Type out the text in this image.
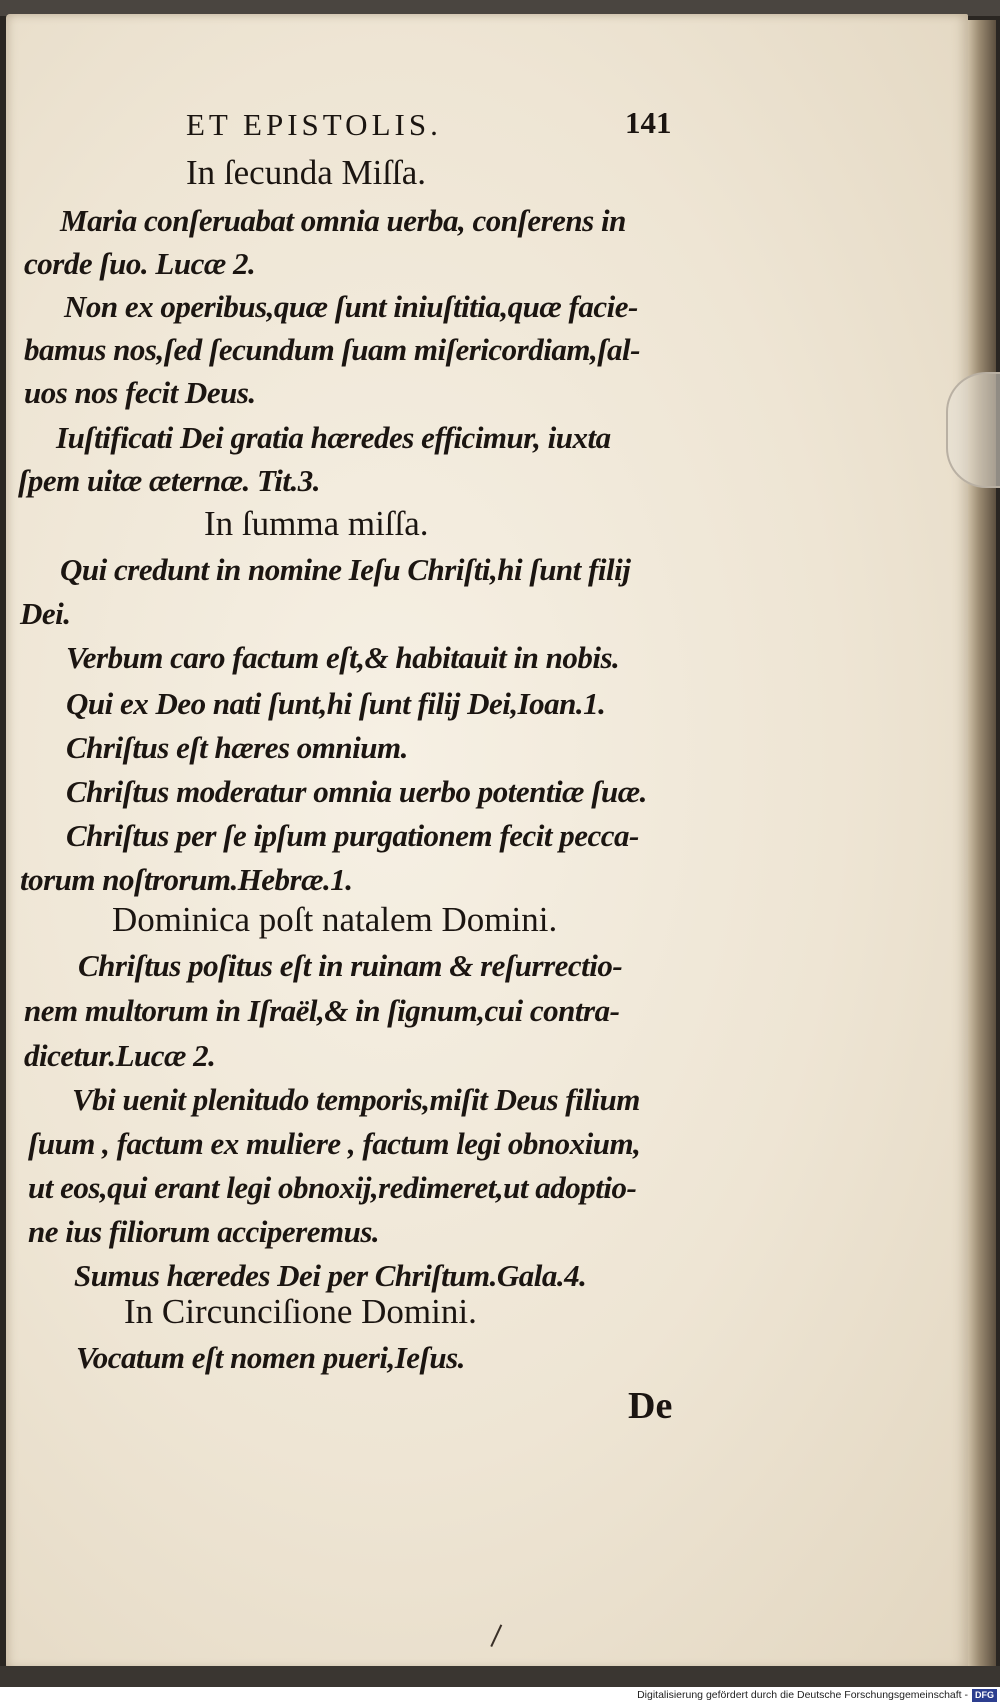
ET EPISTOLIS.	141
In ſecunda Miſſa.
Maria conſeruabat omnia uerba, conſerens in
corde ſuo. Lucæ 2.
Non ex operibus,quæ ſunt iniuſtitia,quæ facie-
bamus nos,ſed ſecundum ſuam miſericordiam,ſal-
uos nos fecit Deus.
Iuſtificati Dei gratia hæredes efficimur, iuxta
ſpem uitæ æternæ. Tit.3.
In ſumma miſſa.
Qui credunt in nomine Ieſu Chriſti,hi ſunt filij
Dei.
Verbum caro factum eſt,& habitauit in nobis.
Qui ex Deo nati ſunt,hi ſunt filij Dei,Ioan.1.
Chriſtus eſt hæres omnium.
Chriſtus moderatur omnia uerbo potentiæ ſuæ.
Chriſtus per ſe ipſum purgationem fecit pecca-
torum noſtrorum.Hebræ.1.
Dominica poſt natalem Domini.
Chriſtus poſitus eſt in ruinam & reſurrectio-
nem multorum in Iſraël,& in ſignum,cui contra-
dicetur.Lucæ 2.
Vbi uenit plenitudo temporis,miſit Deus filium
ſuum , factum ex muliere , factum legi obnoxium,
ut eos,qui erant legi obnoxij,redimeret,ut adoptio-
ne ius filiorum acciperemus.
Sumus hæredes Dei per Chriſtum.Gala.4.
In Circunciſione Domini.
Vocatum eſt nomen pueri,Ieſus.
De
Digitalisierung gefördert durch die Deutsche Forschungsgemeinschaft - DFG
